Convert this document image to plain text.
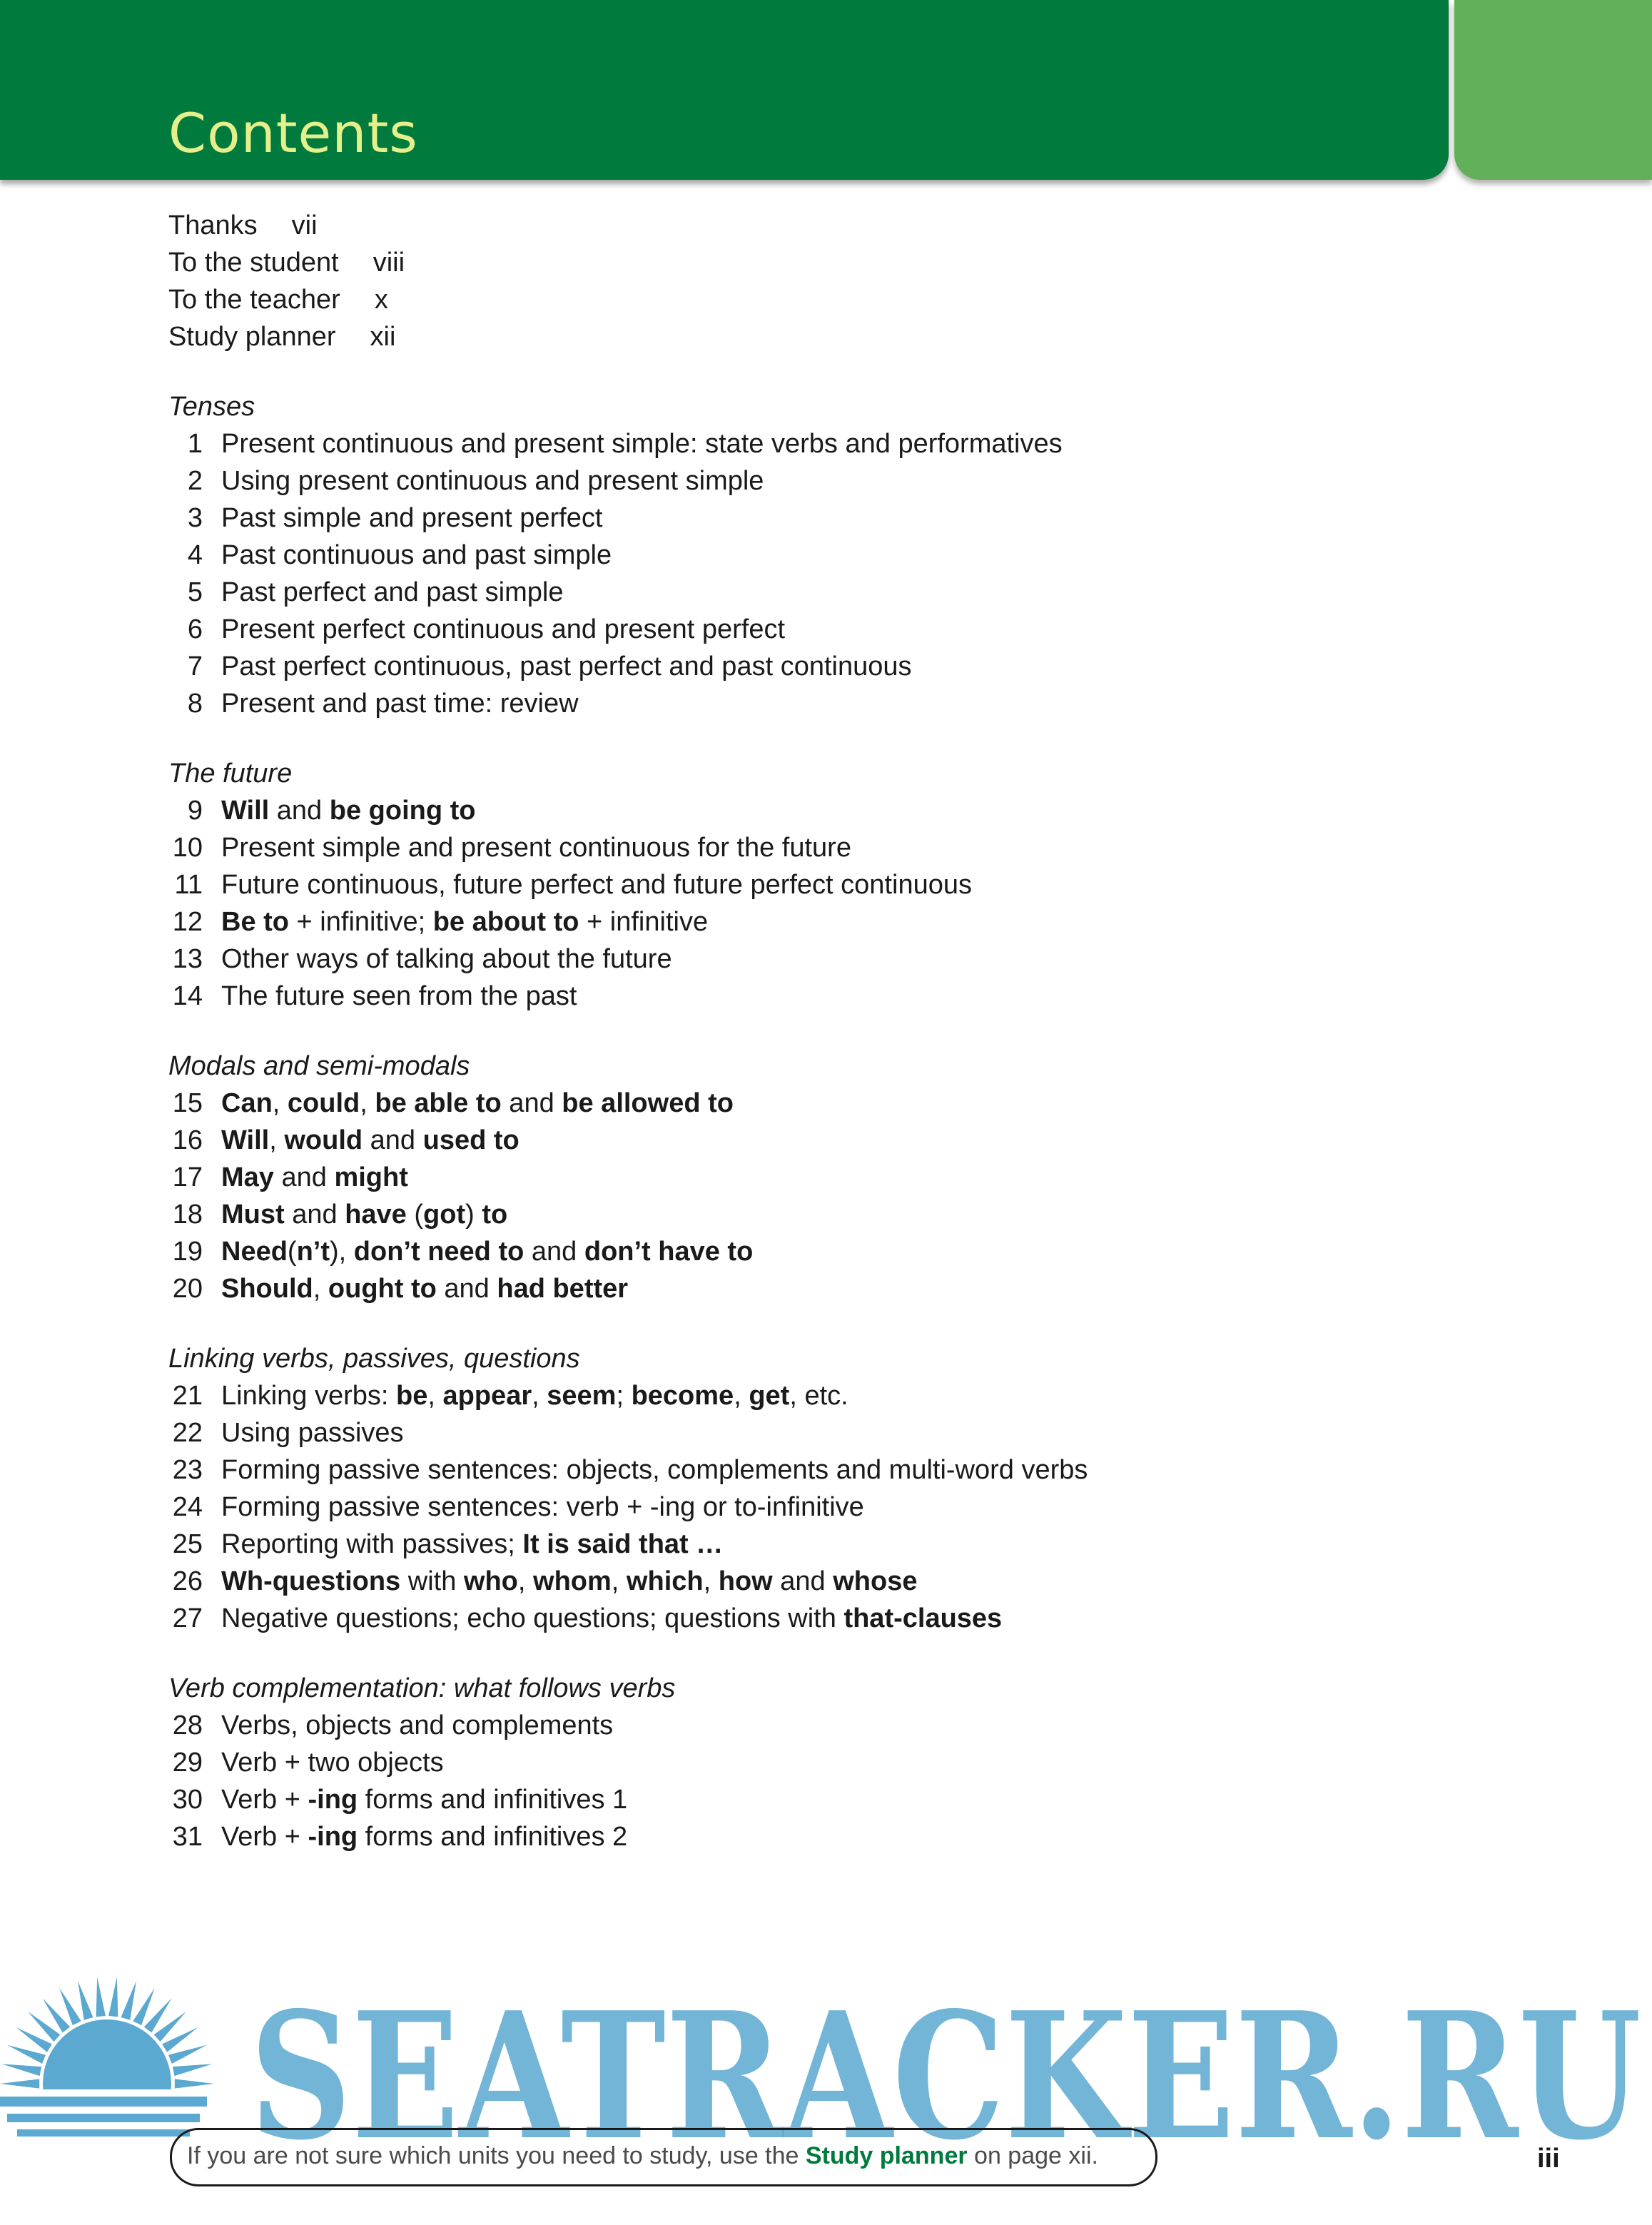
Contents
Thanks vii
To the student viii
To the teacher x
Study planner xii
Tenses
1 Present continuous and present simple: state verbs and performatives
2 Using present continuous and present simple
3 Past simple and present perfect
4 Past continuous and past simple
5 Past perfect and past simple
6 Present perfect continuous and present perfect
7 Past perfect continuous, past perfect and past continuous
8 Present and past time: review
The future
9 Will and be going to
10 Present simple and present continuous for the future
11 Future continuous, future perfect and future perfect continuous
12 Be to + infinitive; be about to + infinitive
13 Other ways of talking about the future
14 The future seen from the past
Modals and semi-modals
15 Can, could, be able to and be allowed to
16 Will, would and used to
17 May and might
18 Must and have (got) to
19 Need(n’t), don’t need to and don’t have to
20 Should, ought to and had better
Linking verbs, passives, questions
21 Linking verbs: be, appear, seem; become, get, etc.
22 Using passives
23 Forming passive sentences: objects, complements and multi-word verbs
24 Forming passive sentences: verb + -ing or to-infinitive
25 Reporting with passives; It is said that …
26 Wh-questions with who, whom, which, how and whose
27 Negative questions; echo questions; questions with that-clauses
Verb complementation: what follows verbs
28 Verbs, objects and complements
29 Verb + two objects
30 Verb + -ing forms and infinitives 1
31 Verb + -ing forms and infinitives 2
SEATRACKER.RU
If you are not sure which units you need to study, use the Study planner on page xii.	iii
